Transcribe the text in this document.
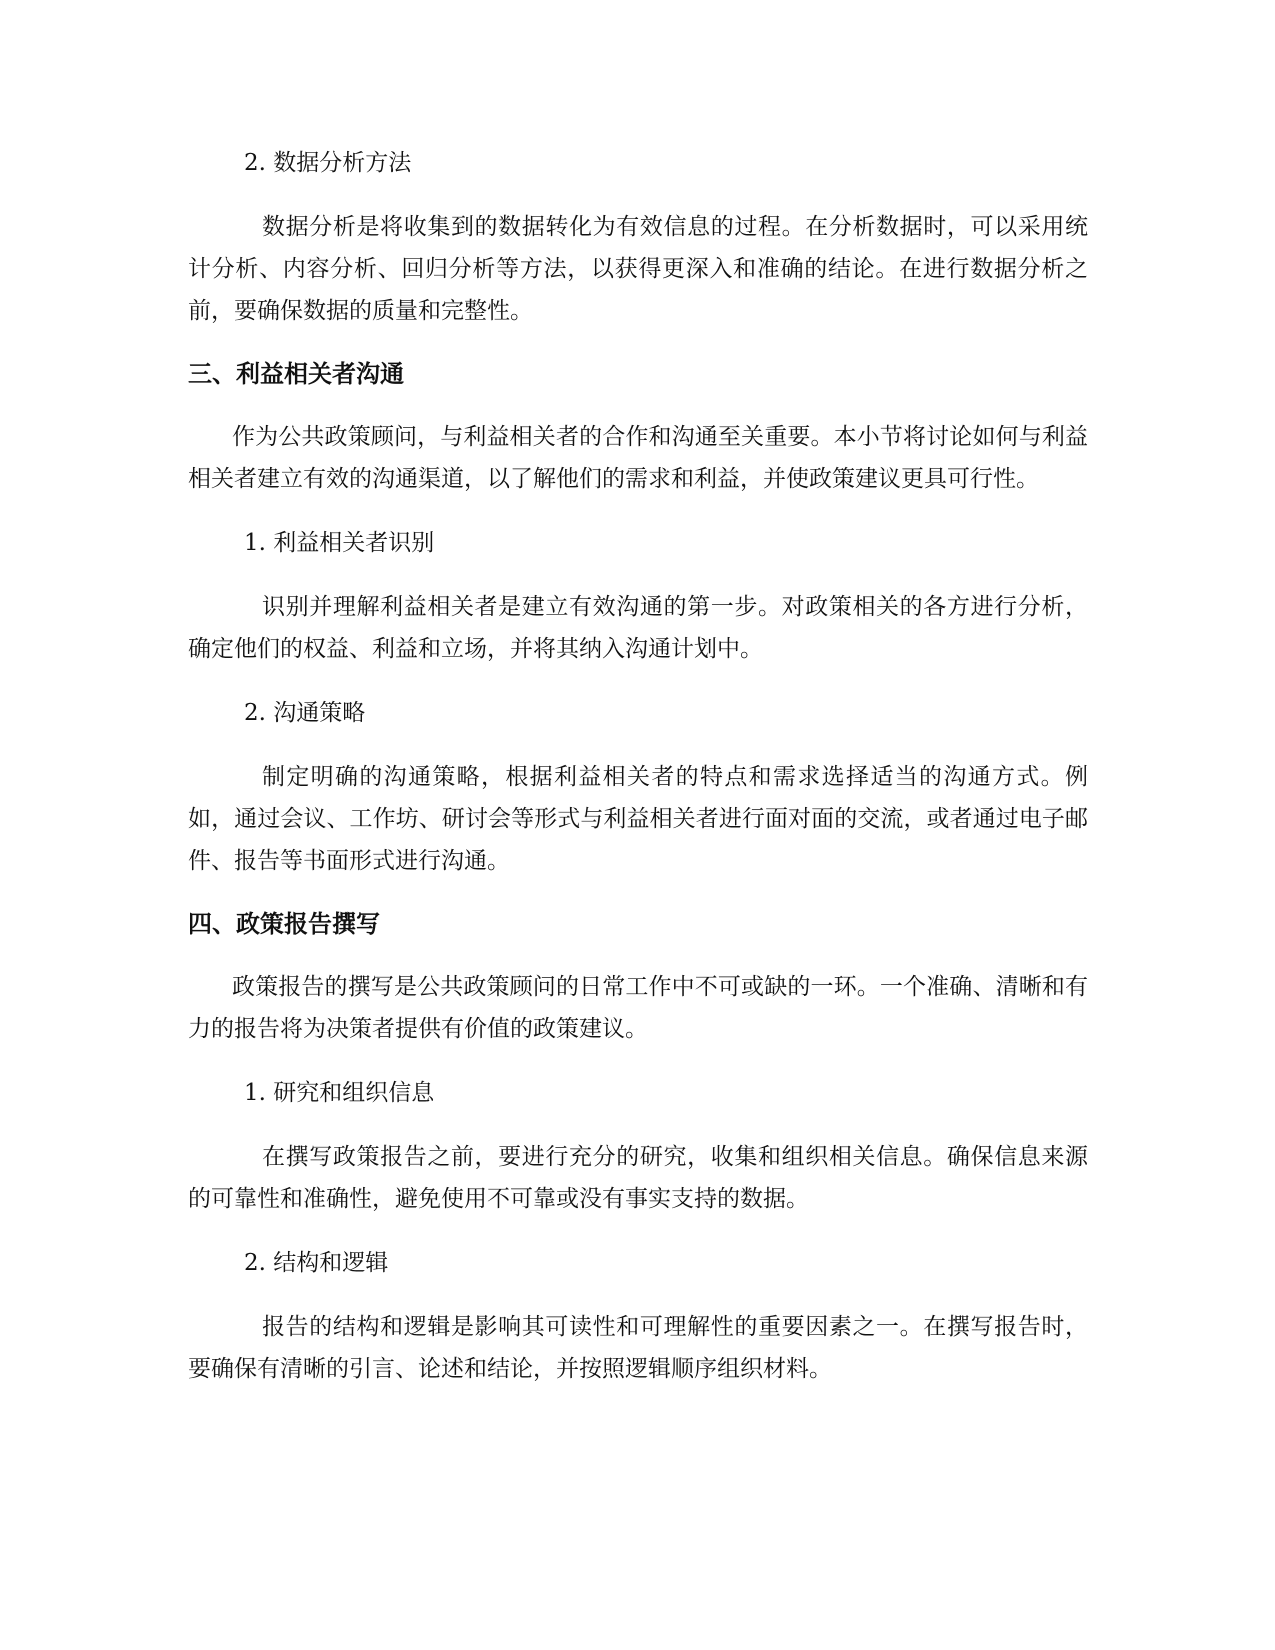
2. 数据分析方法

数据分析是将收集到的数据转化为有效信息的过程。在分析数据时，可以采用统计分析、内容分析、回归分析等方法，以获得更深入和准确的结论。在进行数据分析之前，要确保数据的质量和完整性。

三、利益相关者沟通

作为公共政策顾问，与利益相关者的合作和沟通至关重要。本小节将讨论如何与利益相关者建立有效的沟通渠道，以了解他们的需求和利益，并使政策建议更具可行性。

1. 利益相关者识别

识别并理解利益相关者是建立有效沟通的第一步。对政策相关的各方进行分析，确定他们的权益、利益和立场，并将其纳入沟通计划中。

2. 沟通策略

制定明确的沟通策略，根据利益相关者的特点和需求选择适当的沟通方式。例如，通过会议、工作坊、研讨会等形式与利益相关者进行面对面的交流，或者通过电子邮件、报告等书面形式进行沟通。

四、政策报告撰写

政策报告的撰写是公共政策顾问的日常工作中不可或缺的一环。一个准确、清晰和有力的报告将为决策者提供有价值的政策建议。

1. 研究和组织信息

在撰写政策报告之前，要进行充分的研究，收集和组织相关信息。确保信息来源的可靠性和准确性，避免使用不可靠或没有事实支持的数据。

2. 结构和逻辑

报告的结构和逻辑是影响其可读性和可理解性的重要因素之一。在撰写报告时，要确保有清晰的引言、论述和结论，并按照逻辑顺序组织材料。
